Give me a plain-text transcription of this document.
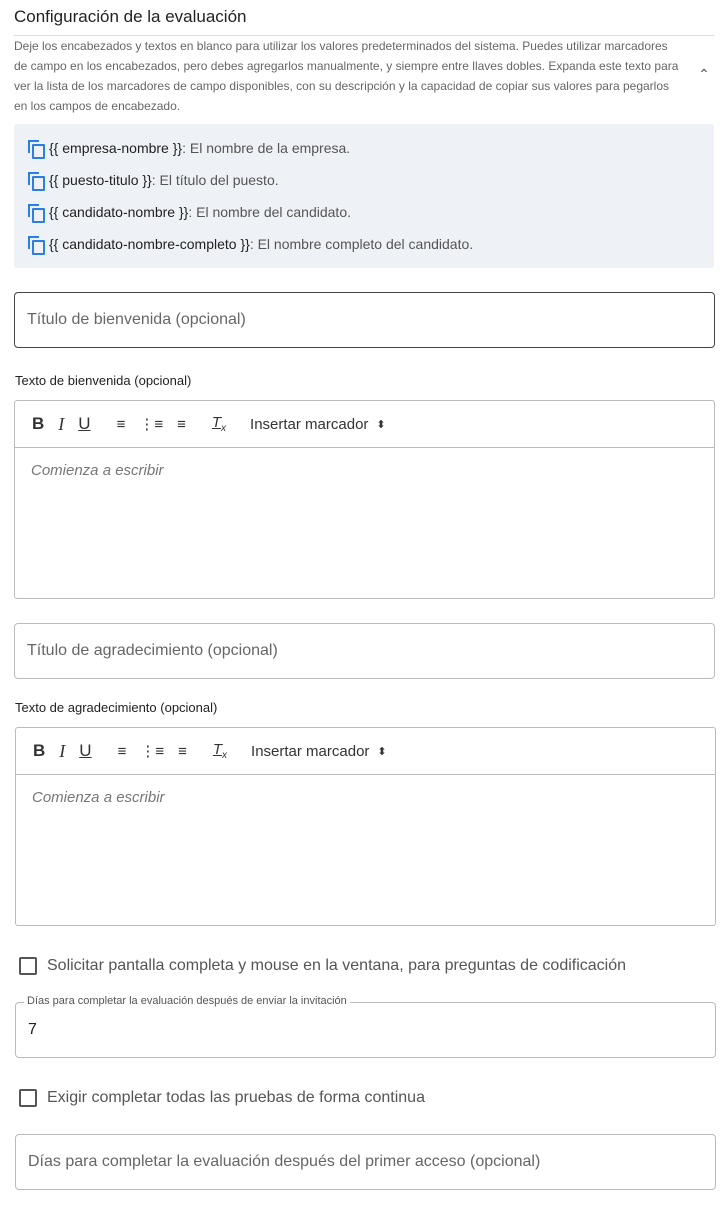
Configuración de la evaluación
Deje los encabezados y textos en blanco para utilizar los valores predeterminados del sistema. Puedes utilizar marcadores de campo en los encabezados, pero debes agregarlos manualmente, y siempre entre llaves dobles. Expanda este texto para ver la lista de los marcadores de campo disponibles, con su descripción y la capacidad de copiar sus valores para pegarlos en los campos de encabezado.
⌃
{{ empresa-nombre }} : El nombre de la empresa.
{{ puesto-titulo }} : El título del puesto.
{{ candidato-nombre }} : El nombre del candidato.
{{ candidato-nombre-completo }} : El nombre completo del candidato.
Título de bienvenida (opcional)
Texto de bienvenida (opcional)
B I U ≡ ⋮≡ ≡ $T_x$ Insertar marcador ⬍
Comienza a escribir
Título de agradecimiento (opcional)
Texto de agradecimiento (opcional)
B I U ≡ ⋮≡ ≡ $T_x$ Insertar marcador ⬍
Comienza a escribir
Solicitar pantalla completa y mouse en la ventana, para preguntas de codificación
Días para completar la evaluación después de enviar la invitación
7
Exigir completar todas las pruebas de forma continua
Días para completar la evaluación después del primer acceso (opcional)
